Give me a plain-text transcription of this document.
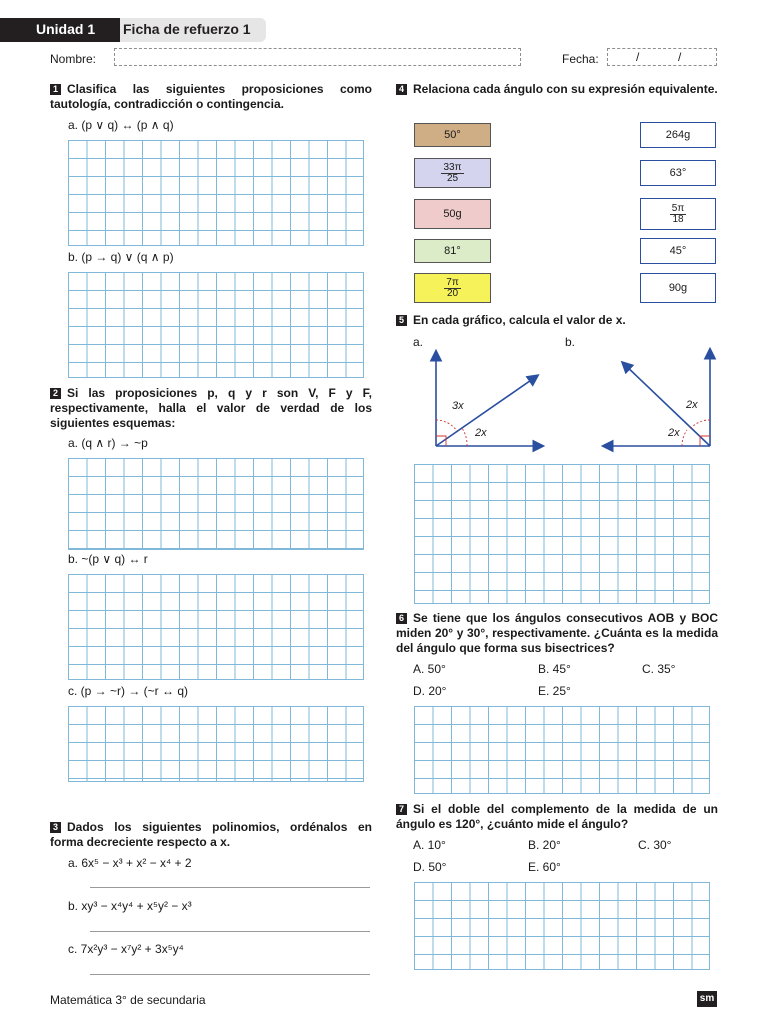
Unidad 1 Ficha de refuerzo 1
Nombre:	Fecha:	/	/
1 Clasifica las siguientes proposiciones como tautología, contradicción o contingencia.
a. (p ∨ q) ↔ (p ∧ q)
b. (p → q) ∨ (q ∧ p)
2 Si las proposiciones p, q y r son V, F y F, respectivamente, halla el valor de verdad de los siguientes esquemas:
a. (q ∧ r) → ~p
b. ~(p ∨ q) ↔ r
c. (p → ~r) → (~r ↔ q)
3 Dados los siguientes polinomios, ordénalos en forma decreciente respecto a x.
a. 6x⁵ − x³ + x² − x⁴ + 2
b. xy³ − x⁴y⁴ + x⁵y² − x³
c. 7x²y³ − x⁷y² + 3x⁵y⁴
4 Relaciona cada ángulo con su expresión equivalente.
50°
$\frac{33\pi}{25}$
50g
81°
$\frac{7\pi}{20}$
264g
63°
$\frac{5\pi}{18}$
45°
90g
5 En cada gráfico, calcula el valor de x.
a.	b.
3x
2x
2x
2x
6 Se tiene que los ángulos consecutivos AOB y BOC miden 20° y 30°, respectivamente. ¿Cuánta es la medida del ángulo que forma sus bisectrices?
A. 50°	B. 45°	C. 35°
D. 20°	E. 25°
7 Si el doble del complemento de la medida de un ángulo es 120°, ¿cuánto mide el ángulo?
A. 10°	B. 20°	C. 30°
D. 50°	E. 60°
Matemática 3° de secundaria	sm
